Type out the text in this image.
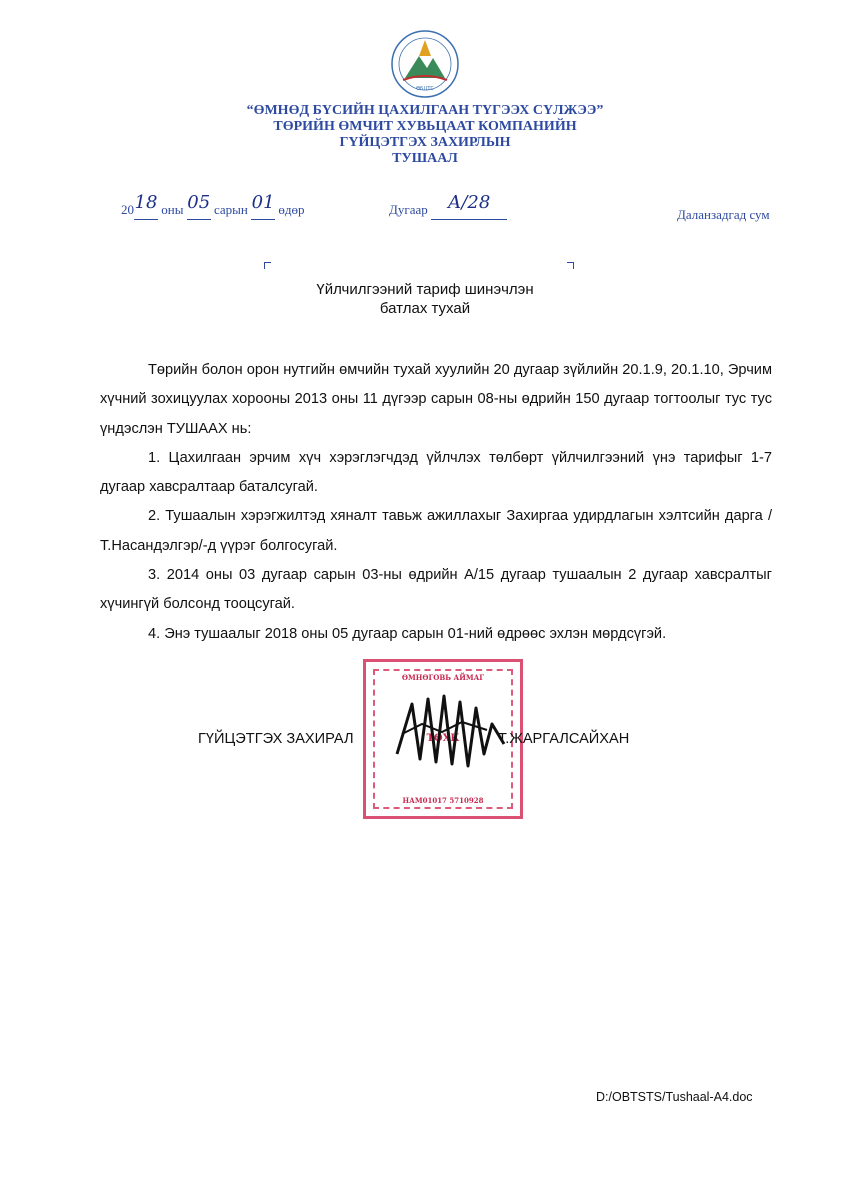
ӨБЦТС
“ӨМНӨД БҮСИЙН ЦАХИЛГААН ТҮГЭЭХ СҮЛЖЭЭ”
ТӨРИЙН ӨМЧИТ ХУВЬЦААТ КОМПАНИЙН
ГҮЙЦЭТГЭХ ЗАХИРЛЫН
ТУШААЛ
2018 оны 05 сарын 01 өдөр	Дугаар А/28
Даланзадгад сум
Үйлчилгээний тариф шинэчлэн
батлах тухай

Төрийн болон орон нутгийн өмчийн тухай хуулийн 20 дугаар зүйлийн 20.1.9, 20.1.10, Эрчим хүчний зохицуулах хорооны 2013 оны 11 дүгээр сарын 08-ны өдрийн 150 дугаар тогтоолыг тус тус үндэслэн ТУШААХ нь:

1. Цахилгаан эрчим хүч хэрэглэгчдэд үйлчлэх төлбөрт үйлчилгээний үнэ тарифыг 1-7 дугаар хавсралтаар баталсугай.

2. Тушаалын хэрэгжилтэд хяналт тавьж ажиллахыг Захиргаа удирдлагын хэлтсийн дарга /Т.Насандэлгэр/-д үүрэг болгосугай.

3. 2014 оны 03 дугаар сарын 03-ны өдрийн А/15 дугаар тушаалын 2 дугаар хавсралтыг хүчингүй болсонд тооцсугай.

4. Энэ тушаалыг 2018 оны 05 дугаар сарын 01-ний өдрөөс эхлэн мөрдсүгэй.

ӨМНӨГОВЬ АЙМАГ
ТӨХК
НАМ01017 5710928
ГҮЙЦЭТГЭХ ЗАХИРАЛ	Т.ЖАРГАЛСАЙХАН
D:/OBTSTS/Tushaal-A4.doc
